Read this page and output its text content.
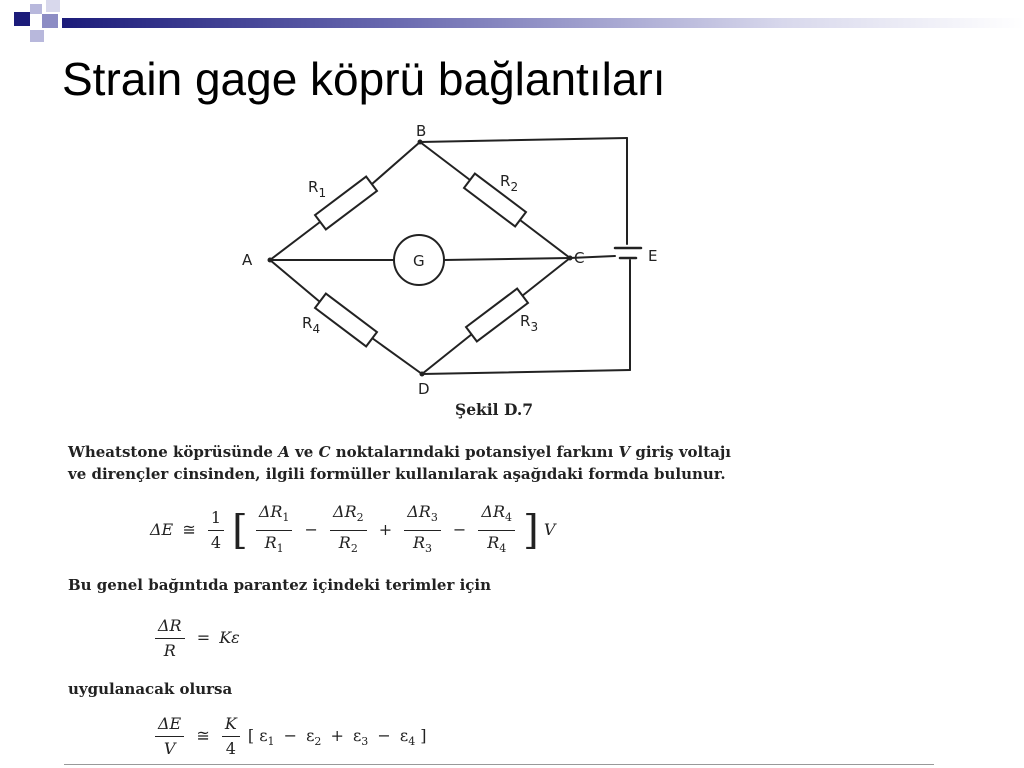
Strain gage köprü bağlantıları
B
A	C
D
G	E
$R_1$
$R_2$
$R_4$	$R_3$
Şekil D.7
Wheatstone köprüsünde A ve C noktalarındaki potansiyel farkını V giriş voltajı
ve dirençler cinsinden, ilgili formüller kullanılarak aşağıdaki formda bulunur.
ΔE ≅ $\frac{1}{4}$ [ $\frac{\Delta R_1}{R_1} - \frac{\Delta R_2}{R_2} + \frac{\Delta R_3}{R_3} - \frac{\Delta R_4}{R_4}$ ] V
Bu genel bağıntıda parantez içindeki terimler için
$\frac{\Delta R}{R} = K\varepsilon$
uygulanacak olursa
$\frac{\Delta E}{V}$ ≅ $\frac{K}{4}$ [ $\varepsilon_1 - \varepsilon_2 + \varepsilon_3 - \varepsilon_4$ ]
